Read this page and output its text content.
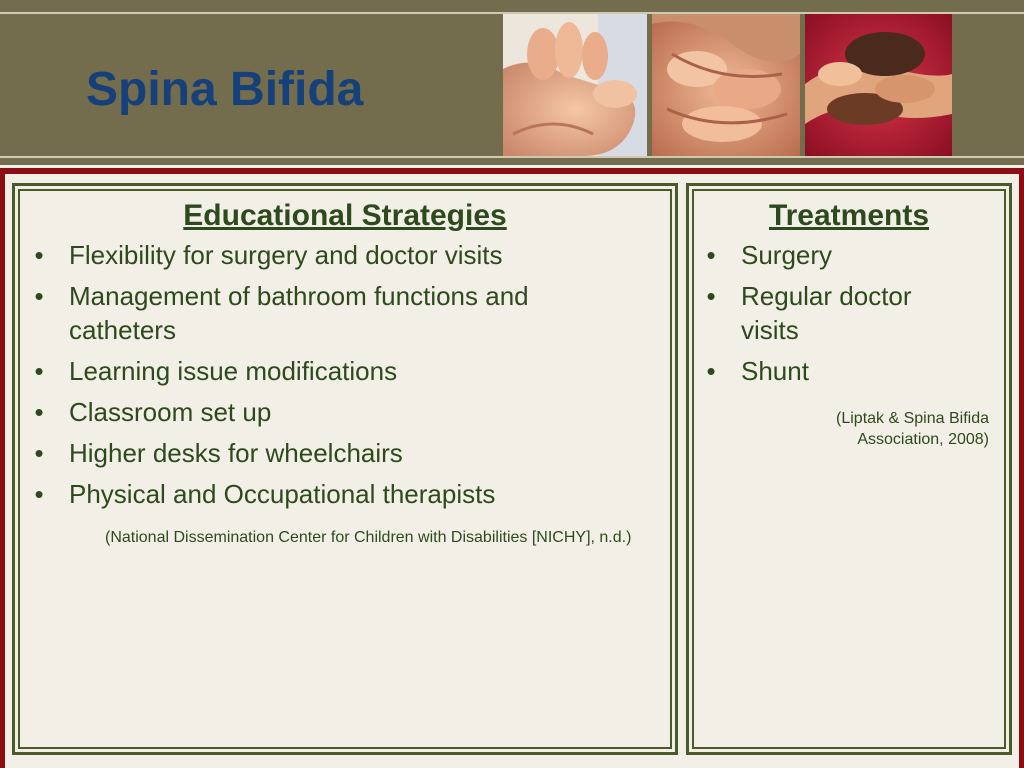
Spina Bifida
Educational Strategies
• Flexibility for surgery and doctor visits
• Management of bathroom functions and catheters
• Learning issue modifications
• Classroom set up
• Higher desks for wheelchairs
• Physical and Occupational therapists
(National Dissemination Center for Children with Disabilities [NICHY], n.d.)
Treatments
• Surgery
• Regular doctor visits
• Shunt
(Liptak & Spina Bifida Association, 2008)
